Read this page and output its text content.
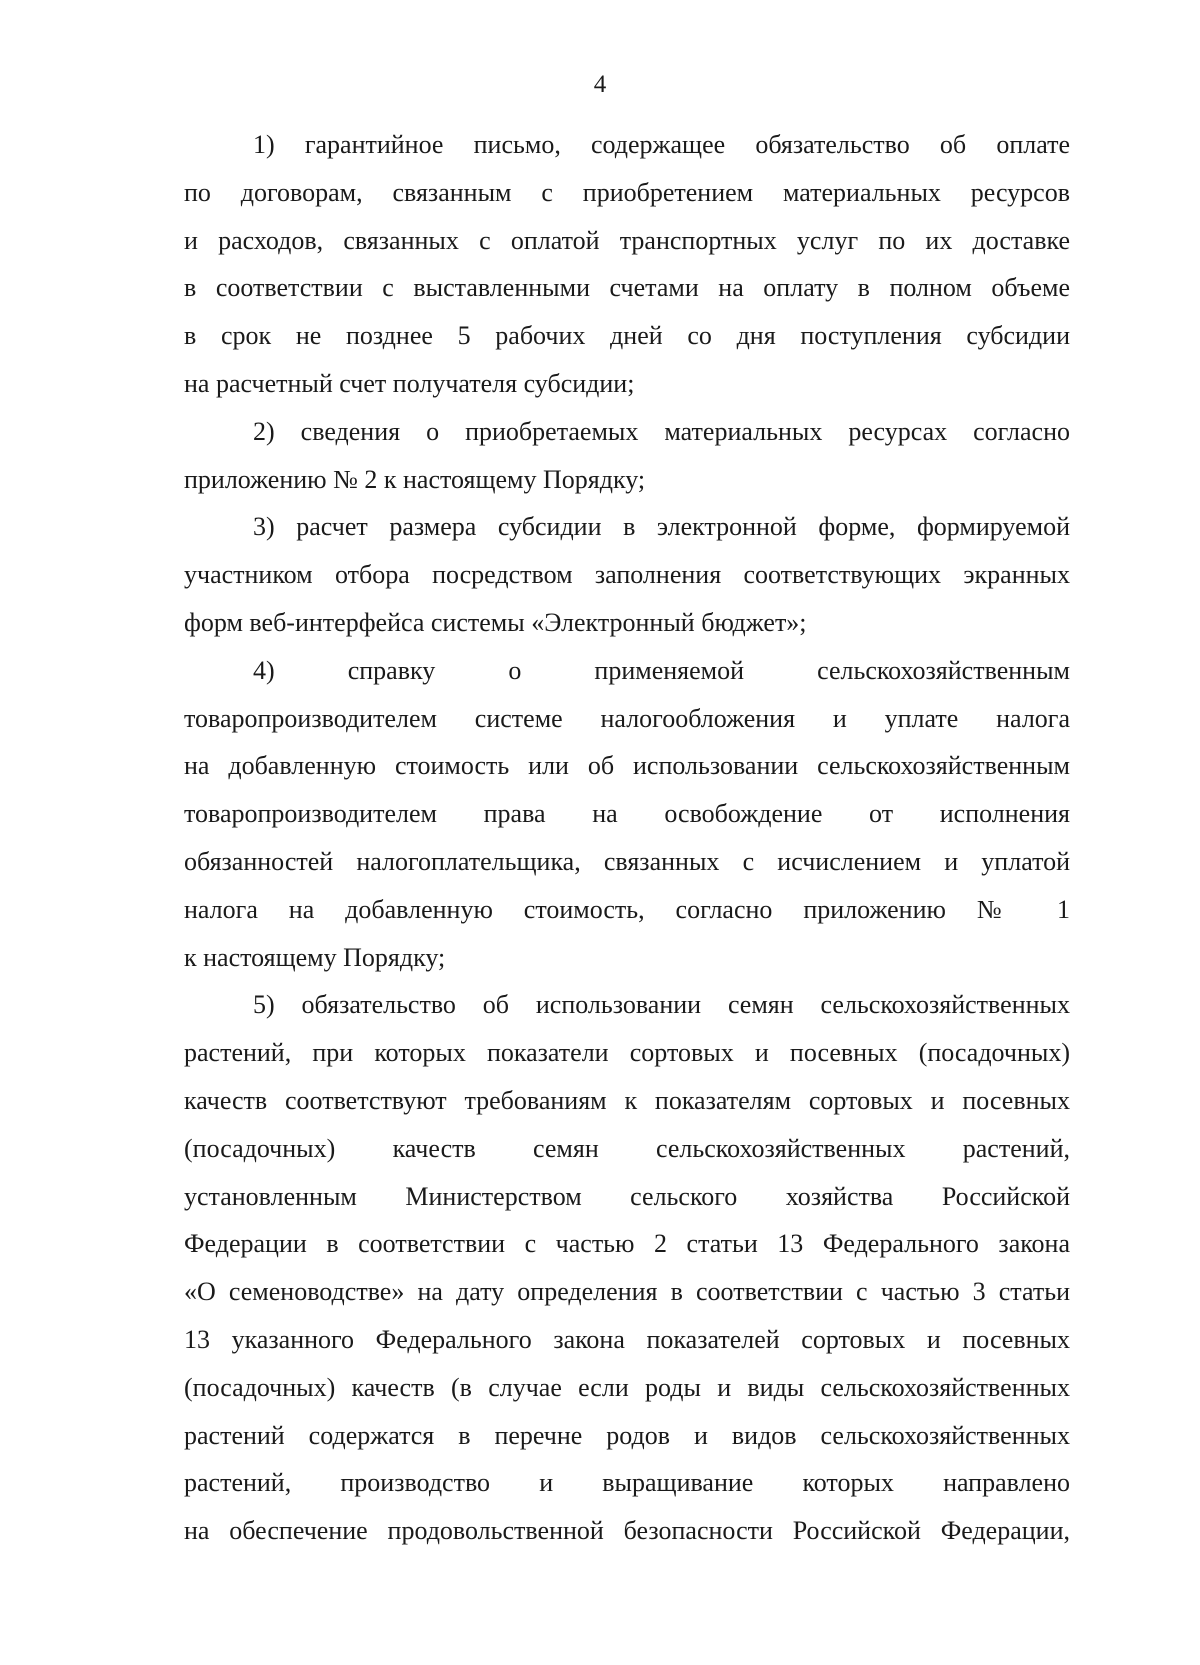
4

1) гарантийное письмо, содержащее обязательство об оплате
по договорам, связанным с приобретением материальных ресурсов
и расходов, связанных с оплатой транспортных услуг по их доставке
в соответствии с выставленными счетами на оплату в полном объеме
в срок не позднее 5 рабочих дней со дня поступления субсидии
на расчетный счет получателя субсидии;

2) сведения о приобретаемых материальных ресурсах согласно
приложению № 2 к настоящему Порядку;

3) расчет размера субсидии в электронной форме, формируемой
участником отбора посредством заполнения соответствующих экранных
форм веб-интерфейса системы «Электронный бюджет»;

4) справку о применяемой сельскохозяйственным
товаропроизводителем системе налогообложения и уплате налога
на добавленную стоимость или об использовании сельскохозяйственным
товаропроизводителем права на освобождение от исполнения
обязанностей налогоплательщика, связанных с исчислением и уплатой
налога на добавленную стоимость, согласно приложению № 1
к настоящему Порядку;

5) обязательство об использовании семян сельскохозяйственных
растений, при которых показатели сортовых и посевных (посадочных)
качеств соответствуют требованиям к показателям сортовых и посевных
(посадочных) качеств семян сельскохозяйственных растений,
установленным Министерством сельского хозяйства Российской
Федерации в соответствии с частью 2 статьи 13 Федерального закона
«О семеноводстве» на дату определения в соответствии с частью 3 статьи
13 указанного Федерального закона показателей сортовых и посевных
(посадочных) качеств (в случае если роды и виды сельскохозяйственных
растений содержатся в перечне родов и видов сельскохозяйственных
растений, производство и выращивание которых направлено
на обеспечение продовольственной безопасности Российской Федерации,
